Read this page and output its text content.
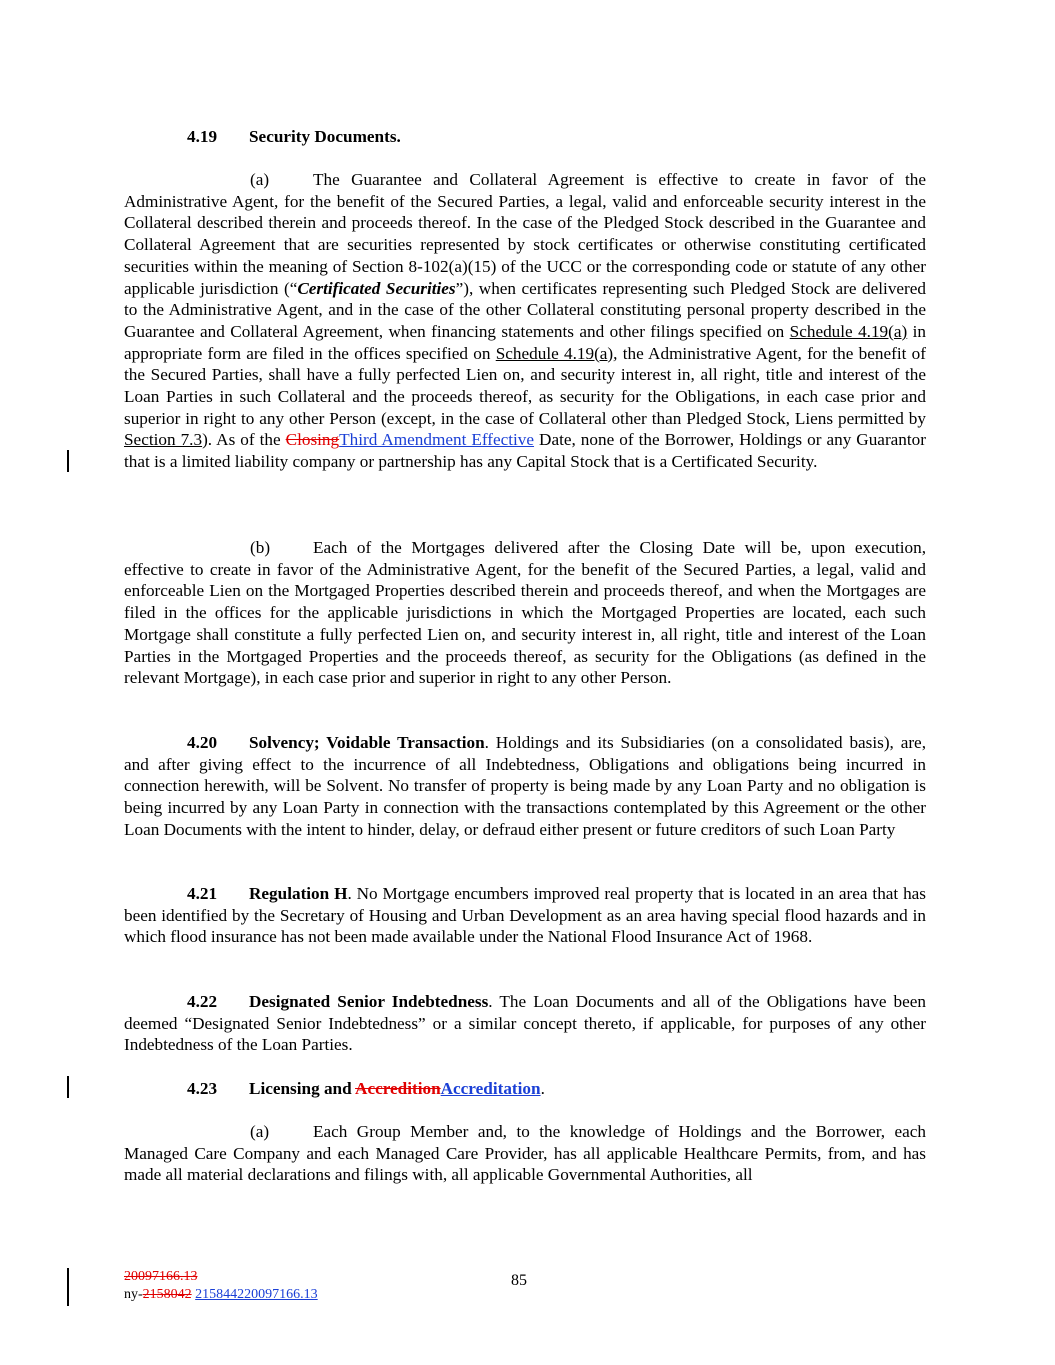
4.19 Security Documents.

(a)	The Guarantee and Collateral Agreement is effective to create in favor of the Administrative Agent, for the benefit of the Secured Parties, a legal, valid and enforceable security interest in the Collateral described therein and proceeds thereof. In the case of the Pledged Stock described in the Guarantee and Collateral Agreement that are securities represented by stock certificates or otherwise constituting certificated securities within the meaning of Section 8-102(a)(15) of the UCC or the corresponding code or statute of any other applicable jurisdiction (“Certificated Securities”), when certificates representing such Pledged Stock are delivered to the Administrative Agent, and in the case of the other Collateral constituting personal property described in the Guarantee and Collateral Agreement, when financing statements and other filings specified on Schedule 4.19(a) in appropriate form are filed in the offices specified on Schedule 4.19(a), the Administrative Agent, for the benefit of the Secured Parties, shall have a fully perfected Lien on, and security interest in, all right, title and interest of the Loan Parties in such Collateral and the proceeds thereof, as security for the Obligations, in each case prior and superior in right to any other Person (except, in the case of Collateral other than Pledged Stock, Liens permitted by Section 7.3). As of the ClosingThird Amendment Effective Date, none of the Borrower, Holdings or any Guarantor that is a limited liability company or partnership has any Capital Stock that is a Certificated Security.

(b) Each of the Mortgages delivered after the Closing Date will be, upon execution, effective to create in favor of the Administrative Agent, for the benefit of the Secured Parties, a legal, valid and enforceable Lien on the Mortgaged Properties described therein and proceeds thereof, and when the Mortgages are filed in the offices for the applicable jurisdictions in which the Mortgaged Properties are located, each such Mortgage shall constitute a fully perfected Lien on, and security interest in, all right, title and interest of the Loan Parties in the Mortgaged Properties and the proceeds thereof, as security for the Obligations (as defined in the relevant Mortgage), in each case prior and superior in right to any other Person.

4.20 Solvency; Voidable Transaction. Holdings and its Subsidiaries (on a consolidated basis), are, and after giving effect to the incurrence of all Indebtedness, Obligations and obligations being incurred in connection herewith, will be Solvent. No transfer of property is being made by any Loan Party and no obligation is being incurred by any Loan Party in connection with the transactions contemplated by this Agreement or the other Loan Documents with the intent to hinder, delay, or defraud either present or future creditors of such Loan Party

4.21 Regulation H. No Mortgage encumbers improved real property that is located in an area that has been identified by the Secretary of Housing and Urban Development as an area having special flood hazards and in which flood insurance has not been made available under the National Flood Insurance Act of 1968.

4.22 Designated Senior Indebtedness. The Loan Documents and all of the Obligations have been deemed “Designated Senior Indebtedness” or a similar concept thereto, if applicable, for purposes of any other Indebtedness of the Loan Parties.

4.23 Licensing and AccreditionAccreditation.

(a)	Each Group Member and, to the knowledge of Holdings and the Borrower, each Managed Care Company and each Managed Care Provider, has all applicable Healthcare Permits, from, and has made all material declarations and filings with, all applicable Governmental Authorities, all

20097166.13
ny-2158042 215844220097166.13
85
